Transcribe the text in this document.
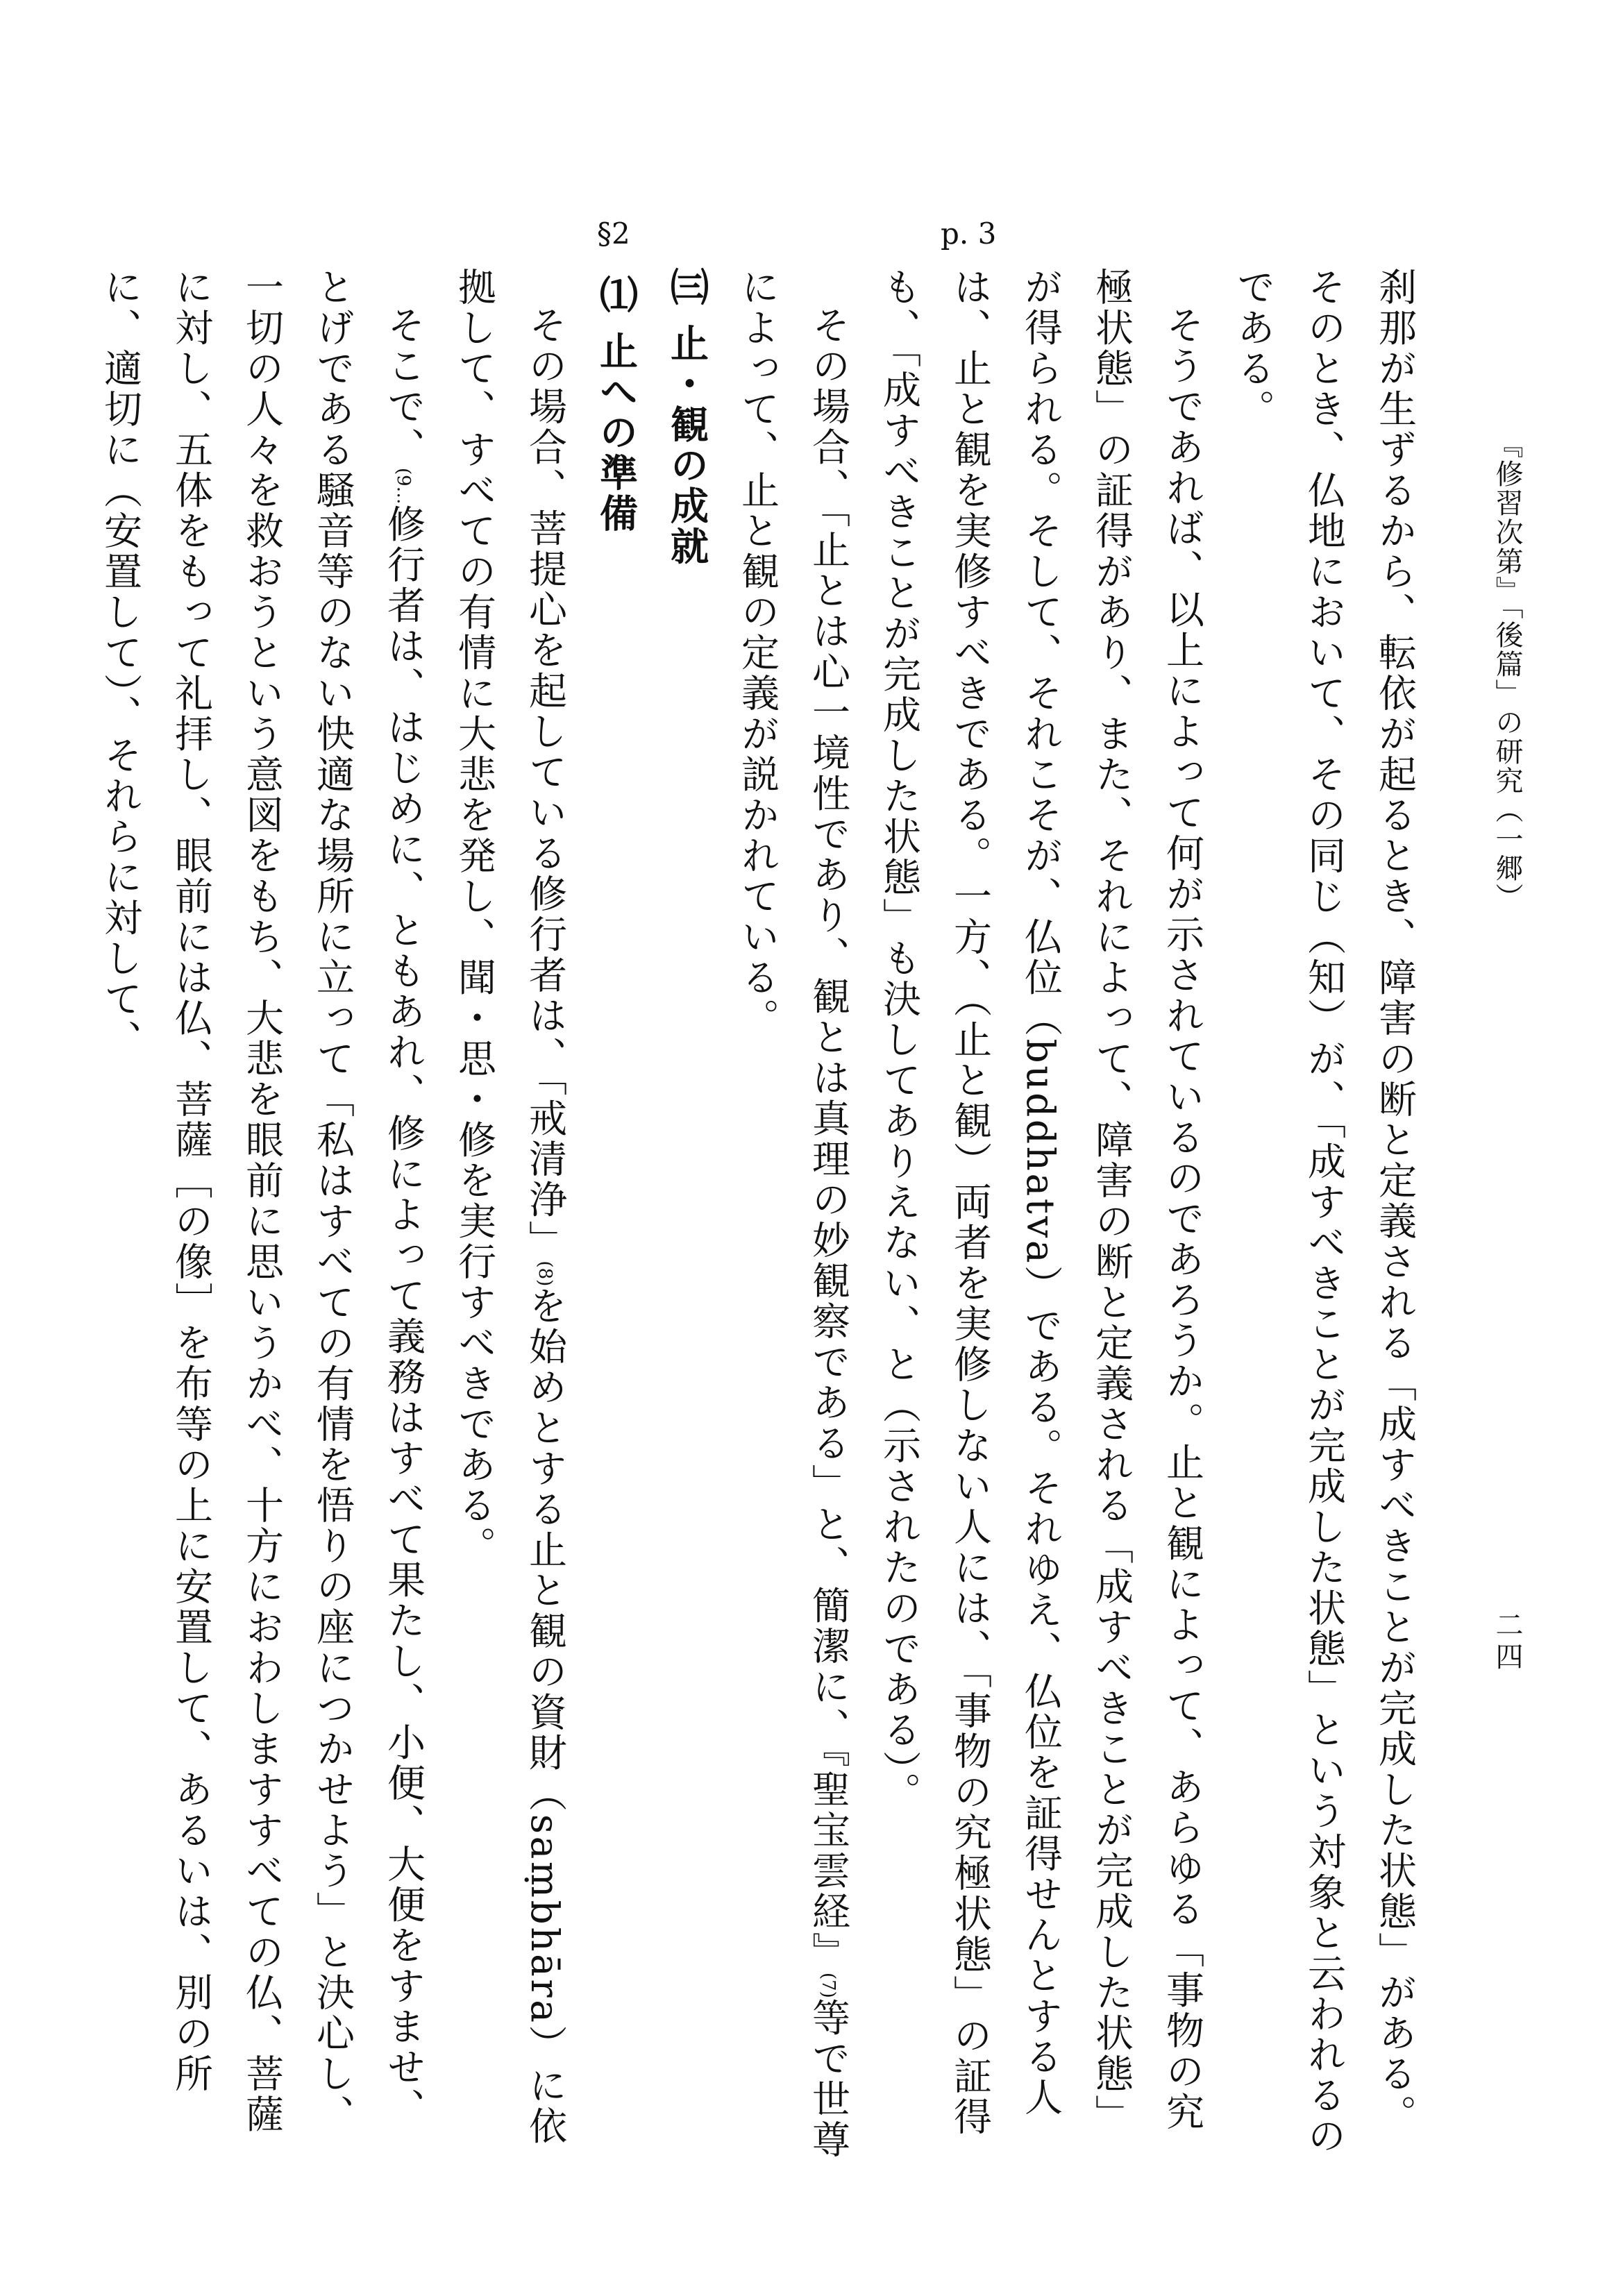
『修習次第』「後篇」の研究（一郷）
二四
p. 3
§2

刹那が生ずるから、転依が起るとき、障害の断と定義される「成すべきことが完成した状態」がある。そのとき、仏地において、その同じ（知）が、「成すべきことが完成した状態」という対象と云われるのである。

そうであれば、以上によって何が示されているのであろうか。止と観によって、あらゆる「事物の究極状態」の証得があり、また、それによって、障害の断と定義される「成すべきことが完成した状態」が得られる。そして、それこそが、仏位（buddhatva）である。それゆえ、仏位を証得せんとする人は、止と観を実修すべきである。一方、（止と観）両者を実修しない人には、「事物の究極状態」の証得も、「成すべきことが完成した状態」も決してありえない、と（示されたのである）。

その場合、「止とは心一境性であり、観とは真理の妙観察である」と、簡潔に、『聖宝雲経』(7)等で世尊によって、止と観の定義が説かれている。

㈢ 止・観の成就

⑴ 止への準備

その場合、菩提心を起している修行者は、「戒清浄」(8)を始めとする止と観の資財（saṃbhāra）に依拠して、すべての有情に大悲を発し、聞・思・修を実行すべきである。

そこで、(9…修行者は、はじめに、ともあれ、修によって義務はすべて果たし、小便、大便をすませ、とげである騒音等のない快適な場所に立って「私はすべての有情を悟りの座につかせよう」と決心し、一切の人々を救おうという意図をもち、大悲を眼前に思いうかべ、十方におわしますすべての仏、菩薩に対し、五体をもって礼拝し、眼前には仏、菩薩［の像］を布等の上に安置して、あるいは、別の所に、適切に（安置して）、それらに対して、
